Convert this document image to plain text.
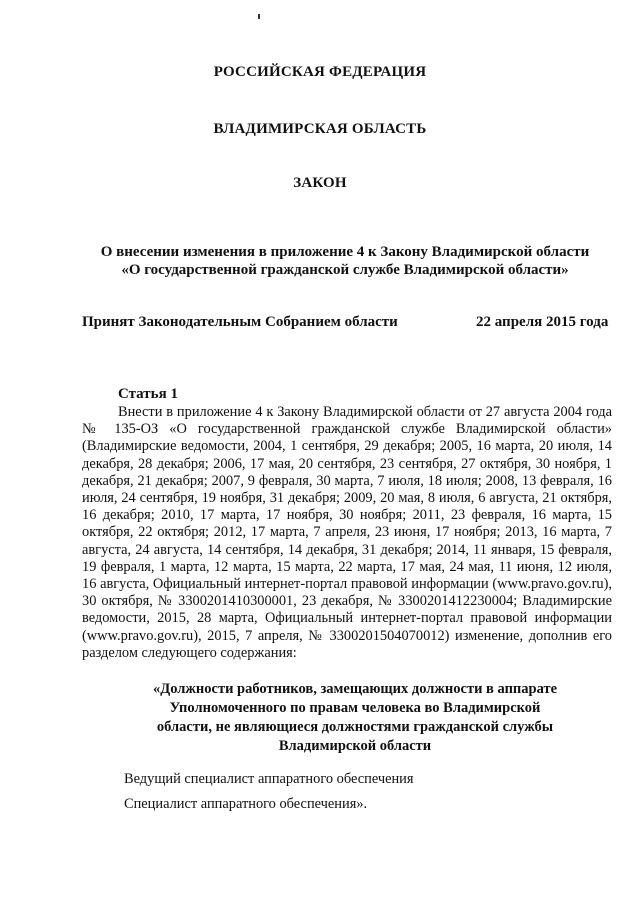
РОССИЙСКАЯ ФЕДЕРАЦИЯ
ВЛАДИМИРСКАЯ ОБЛАСТЬ
ЗАКОН
О внесении изменения в приложение 4 к Закону Владимирской области «О государственной гражданской службе Владимирской области»
Принят Законодательным Собранием области	22 апреля 2015 года
Статья 1
Внести в приложение 4 к Закону Владимирской области от 27 августа 2004 года № 135-ОЗ «О государственной гражданской службе Владимирской области» (Владимирские ведомости, 2004, 1 сентября, 29 декабря; 2005, 16 марта, 20 июля, 14 декабря, 28 декабря; 2006, 17 мая, 20 сентября, 23 сентября, 27 октября, 30 ноября, 1 декабря, 21 декабря; 2007, 9 февраля, 30 марта, 7 июля, 18 июля; 2008, 13 февраля, 16 июля, 24 сентября, 19 ноября, 31 декабря; 2009, 20 мая, 8 июля, 6 августа, 21 октября, 16 декабря; 2010, 17 марта, 17 ноября, 30 ноября; 2011, 23 февраля, 16 марта, 15 октября, 22 октября; 2012, 17 марта, 7 апреля, 23 июня, 17 ноября; 2013, 16 марта, 7 августа, 24 августа, 14 сентября, 14 декабря, 31 декабря; 2014, 11 января, 15 февраля, 19 февраля, 1 марта, 12 марта, 15 марта, 22 марта, 17 мая, 24 мая, 11 июня, 12 июля, 16 августа, Официальный интернет-портал правовой информации (www.pravo.gov.ru), 30 октября, № 3300201410300001, 23 декабря, № 3300201412230004; Владимирские ведомости, 2015, 28 марта, Официальный интернет-портал правовой информации (www.pravo.gov.ru), 2015, 7 апреля, № 3300201504070012) изменение, дополнив его разделом следующего содержания:
«Должности работников, замещающих должности в аппарате Уполномоченного по правам человека во Владимирской области, не являющиеся должностями гражданской службы Владимирской области
Ведущий специалист аппаратного обеспечения
Специалист аппаратного обеспечения».
